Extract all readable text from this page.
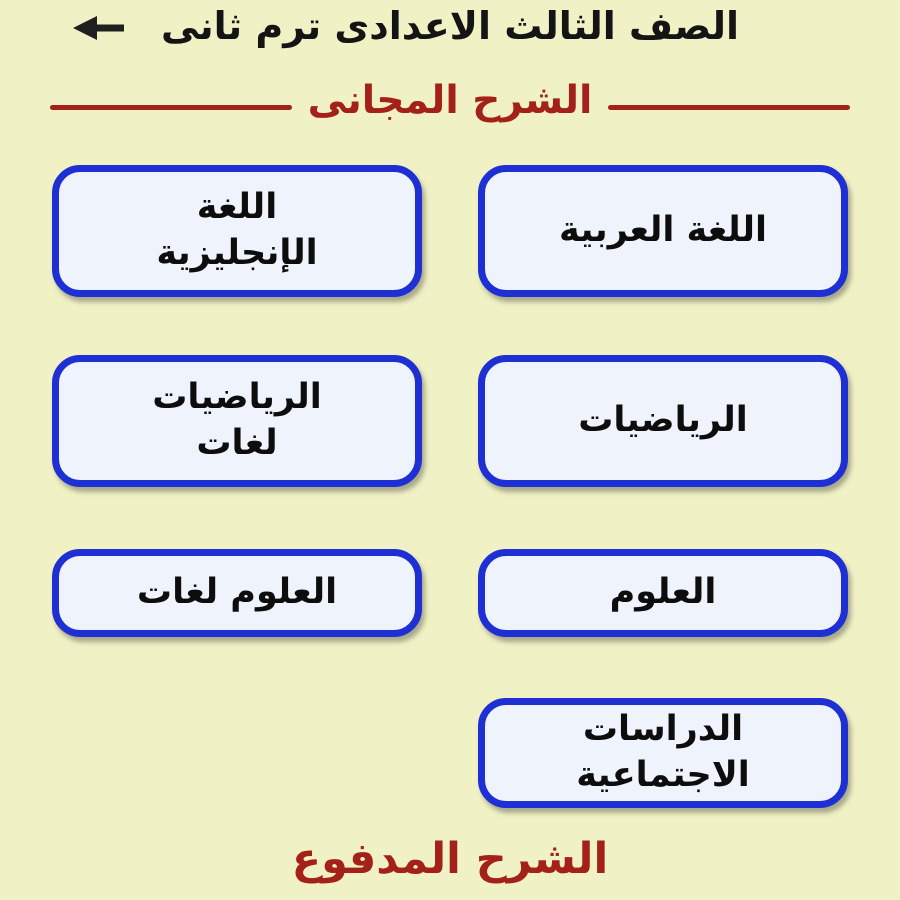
الصف الثالث الاعدادى ترم ثانى
الشرح المجانى
اللغة العربية
اللغة الإنجليزية
الرياضيات
الرياضيات لغات
العلوم
العلوم لغات
الدراسات الاجتماعية
الشرح المدفوع
